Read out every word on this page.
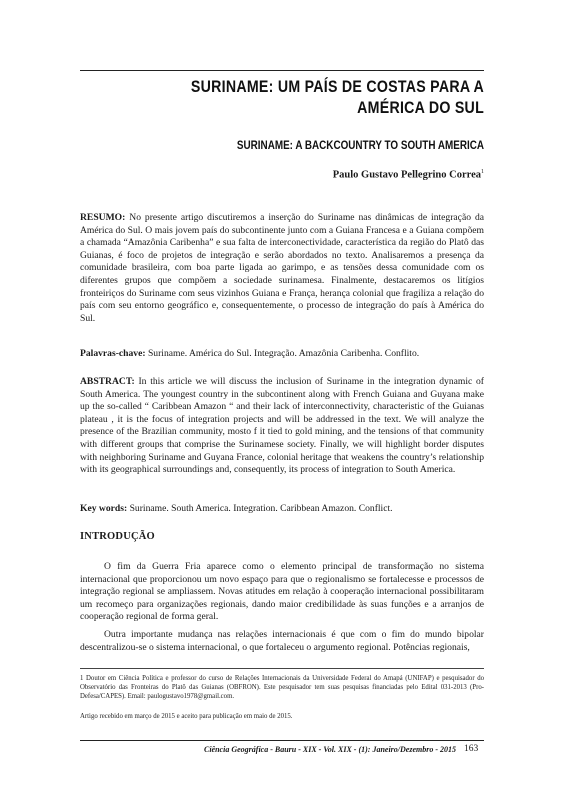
SURINAME: UM PAÍS DE COSTAS PARA A AMÉRICA DO SUL
SURINAME: A BACKCOUNTRY TO SOUTH AMERICA
Paulo Gustavo Pellegrino Correa$^1$
RESUMO: No presente artigo discutiremos a inserção do Suriname nas dinâmicas de integração da América do Sul. O mais jovem país do subcontinente junto com a Guiana Francesa e a Guiana compõem a chamada “Amazônia Caribenha” e sua falta de interconectividade, característica da região do Platô das Guianas, é foco de projetos de integração e serão abordados no texto. Analisaremos a presença da comunidade brasileira, com boa parte ligada ao garimpo, e as tensões dessa comunidade com os diferentes grupos que compõem a sociedade surinamesa. Finalmente, destacaremos os litígios fronteiriços do Suriname com seus vizinhos Guiana e França, herança colonial que fragiliza a relação do país com seu entorno geográfico e, consequentemente, o processo de integração do país à América do Sul.
Palavras-chave: Suriname. América do Sul. Integração. Amazônia Caribenha. Conflito.
ABSTRACT: In this article we will discuss the inclusion of Suriname in the integration dynamic of South America. The youngest country in the subcontinent along with French Guiana and Guyana make up the so-called “ Caribbean Amazon “ and their lack of interconnectivity, characteristic of the Guianas plateau , it is the focus of integration projects and will be addressed in the text. We will analyze the presence of the Brazilian community, mosto f it tied to gold mining, and the tensions of that community with different groups that comprise the Surinamese society. Finally, we will highlight border disputes with neighboring Suriname and Guyana France, colonial heritage that weakens the country’s relationship with its geographical surroundings and, consequently, its process of integration to South America.
Key words: Suriname. South America. Integration. Caribbean Amazon. Conflict.
INTRODUÇÃO
O fim da Guerra Fria aparece como o elemento principal de transformação no sistema internacional que proporcionou um novo espaço para que o regionalismo se fortalecesse e processos de integração regional se ampliassem. Novas atitudes em relação à cooperação internacional possibilitaram um recomeço para organizações regionais, dando maior credibilidade às suas funções e a arranjos de cooperação regional de forma geral.
Outra importante mudança nas relações internacionais é que com o fim do mundo bipolar descentralizou-se o sistema internacional, o que fortaleceu o argumento regional. Potências regionais,
1 Doutor em Ciência Política e professor do curso de Relações Internacionais da Universidade Federal do Amapá (UNIFAP) e pesquisador do Observatório das Fronteiras do Platô das Guianas (OBFRON). Este pesquisador tem suas pesquisas financiadas pelo Edital 031-2013 (Pro-Defesa/CAPES). Email: paulogustavo1978@gmail.com.
Artigo recebido em março de 2015 e aceito para publicação em maio de 2015.
Ciência Geográfica - Bauru - XIX - Vol. XIX - (1): Janeiro/Dezembro - 2015 163
